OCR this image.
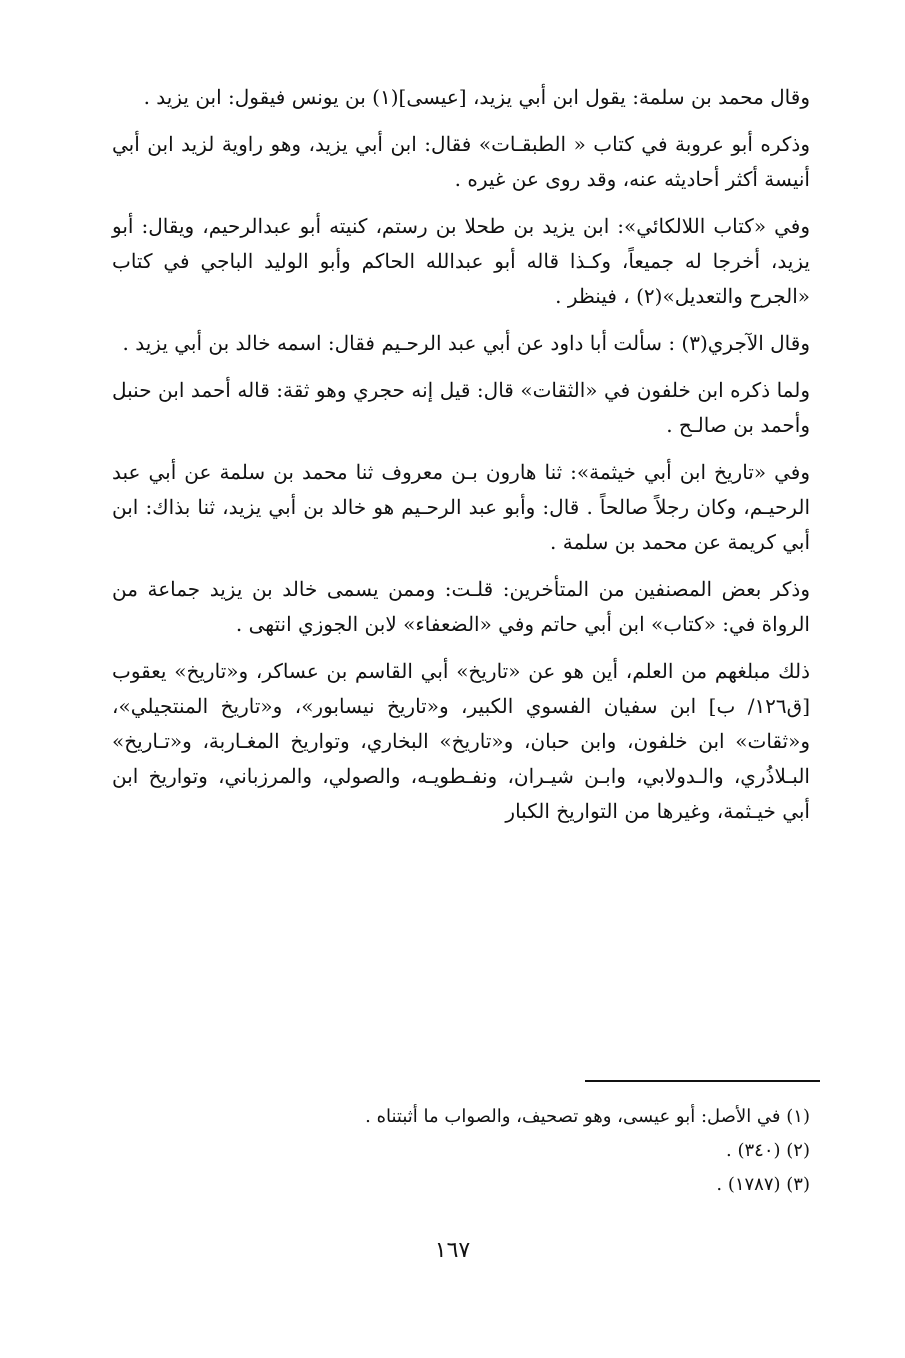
وقال محمد بن سلمة: يقول ابن أبي يزيد، [عيسى](١) بن يونس فيقول: ابن يزيد .

وذكره أبو عروبة في كتاب « الطبقـات» فقال: ابن أبي يزيد، وهو راوية لزيد ابن أبي أنيسة أكثر أحاديثه عنه، وقد روى عن غيره .

وفي «كتاب اللالكائي»: ابن يزيد بن طحلا بن رستم، كنيته أبو عبدالرحيم، ويقال: أبو يزيد، أخرجا له جميعاً، وكـذا قاله أبو عبدالله الحاكم وأبو الوليد الباجي في كتاب «الجرح والتعديل»(٢) ، فينظر .

وقال الآجري(٣) : سألت أبا داود عن أبي عبد الرحـيم فقال: اسمه خالد بن أبي يزيد .

ولما ذكره ابن خلفون في «الثقات» قال: قيل إنه حجري وهو ثقة: قاله أحمد ابن حنبل وأحمد بن صالـح .

وفي «تاريخ ابن أبي خيثمة»: ثنا هارون بـن معروف ثنا محمد بن سلمة عن أبي عبد الرحيـم، وكان رجلاً صالحاً . قال: وأبو عبد الرحـيم هو خالد بن أبي يزيد، ثنا بذاك: ابن أبي كريمة عن محمد بن سلمة .

وذكر بعض المصنفين من المتأخرين: قلـت: وممن يسمى خالد بن يزيد جماعة من الرواة في: «كتاب» ابن أبي حاتم وفي «الضعفاء» لابن الجوزي انتهى .

ذلك مبلغهم من العلم، أين هو عن «تاريخ» أبي القاسم بن عساكر، و«تاريخ» يعقوب [ق١٢٦/ ب] ابن سفيان الفسوي الكبير، و«تاريخ نيسابور»، و«تاريخ المنتجيلي»، و«ثقات» ابن خلفون، وابن حبان، و«تاريخ» البخاري، وتواريخ المغـاربة، و«تـاريخ» البـلاذُري، والـدولابي، وابـن شيـران، ونفـطويـه، والصولي، والمرزباني، وتواريخ ابن أبي خيـثمة، وغيرها من التواريخ الكبار

(١) في الأصل: أبو عيسى، وهو تصحيف، والصواب ما أثبتناه .
(٢) (٣٤٠) .
(٣) (١٧٨٧) .
١٦٧
